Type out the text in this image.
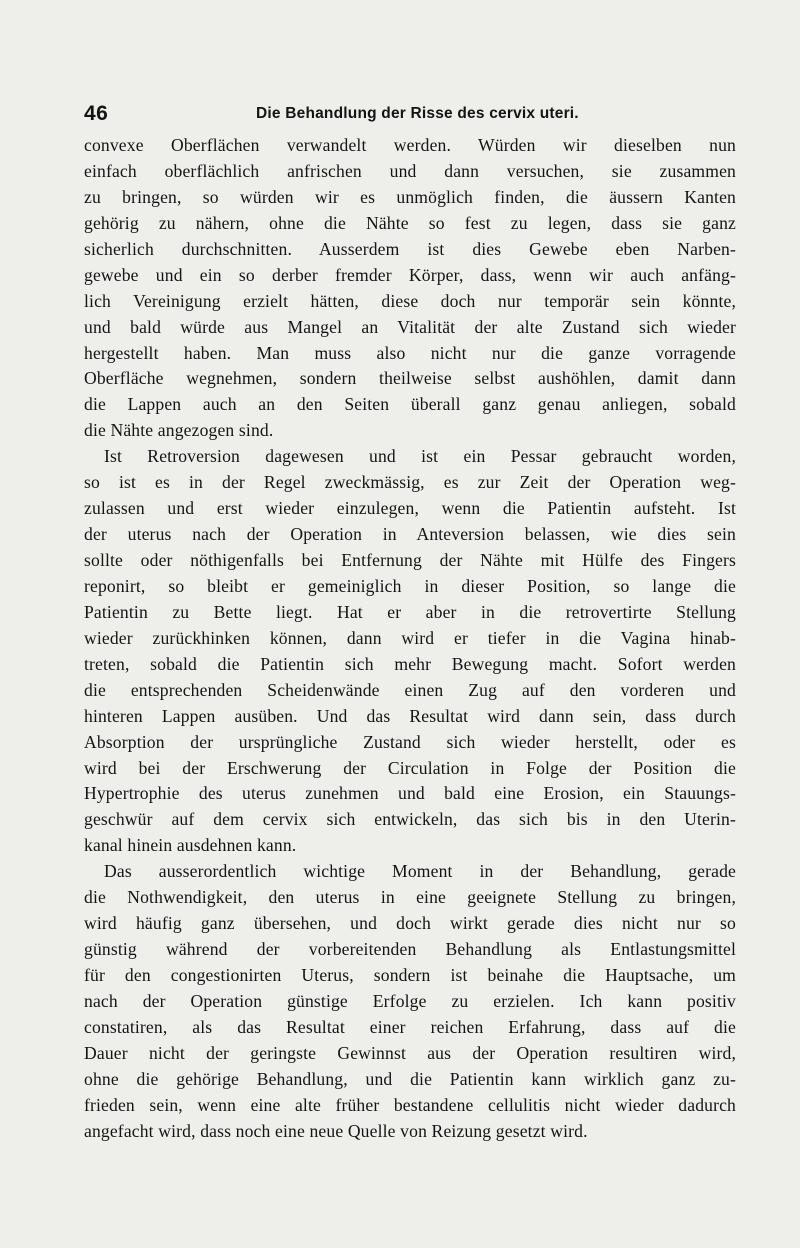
46	Die Behandlung der Risse des cervix uteri.
convexe Oberflächen verwandelt werden. Würden wir dieselben nun
einfach oberflächlich anfrischen und dann versuchen, sie zusammen
zu bringen, so würden wir es unmöglich finden, die äussern Kanten
gehörig zu nähern, ohne die Nähte so fest zu legen, dass sie ganz
sicherlich durchschnitten. Ausserdem ist dies Gewebe eben Narben-
gewebe und ein so derber fremder Körper, dass, wenn wir auch anfäng-
lich Vereinigung erzielt hätten, diese doch nur temporär sein könnte,
und bald würde aus Mangel an Vitalität der alte Zustand sich wieder
hergestellt haben. Man muss also nicht nur die ganze vorragende
Oberfläche wegnehmen, sondern theilweise selbst aushöhlen, damit dann
die Lappen auch an den Seiten überall ganz genau anliegen, sobald
die Nähte angezogen sind.
Ist Retroversion dagewesen und ist ein Pessar gebraucht worden,
so ist es in der Regel zweckmässig, es zur Zeit der Operation weg-
zulassen und erst wieder einzulegen, wenn die Patientin aufsteht. Ist
der uterus nach der Operation in Anteversion belassen, wie dies sein
sollte oder nöthigenfalls bei Entfernung der Nähte mit Hülfe des Fingers
reponirt, so bleibt er gemeiniglich in dieser Position, so lange die
Patientin zu Bette liegt. Hat er aber in die retrovertirte Stellung
wieder zurückhinken können, dann wird er tiefer in die Vagina hinab-
treten, sobald die Patientin sich mehr Bewegung macht. Sofort werden
die entsprechenden Scheidenwände einen Zug auf den vorderen und
hinteren Lappen ausüben. Und das Resultat wird dann sein, dass durch
Absorption der ursprüngliche Zustand sich wieder herstellt, oder es
wird bei der Erschwerung der Circulation in Folge der Position die
Hypertrophie des uterus zunehmen und bald eine Erosion, ein Stauungs-
geschwür auf dem cervix sich entwickeln, das sich bis in den Uterin-
kanal hinein ausdehnen kann.
Das ausserordentlich wichtige Moment in der Behandlung, gerade
die Nothwendigkeit, den uterus in eine geeignete Stellung zu bringen,
wird häufig ganz übersehen, und doch wirkt gerade dies nicht nur so
günstig während der vorbereitenden Behandlung als Entlastungsmittel
für den congestionirten Uterus, sondern ist beinahe die Hauptsache, um
nach der Operation günstige Erfolge zu erzielen. Ich kann positiv
constatiren, als das Resultat einer reichen Erfahrung, dass auf die
Dauer nicht der geringste Gewinnst aus der Operation resultiren wird,
ohne die gehörige Behandlung, und die Patientin kann wirklich ganz zu-
frieden sein, wenn eine alte früher bestandene cellulitis nicht wieder dadurch
angefacht wird, dass noch eine neue Quelle von Reizung gesetzt wird.
